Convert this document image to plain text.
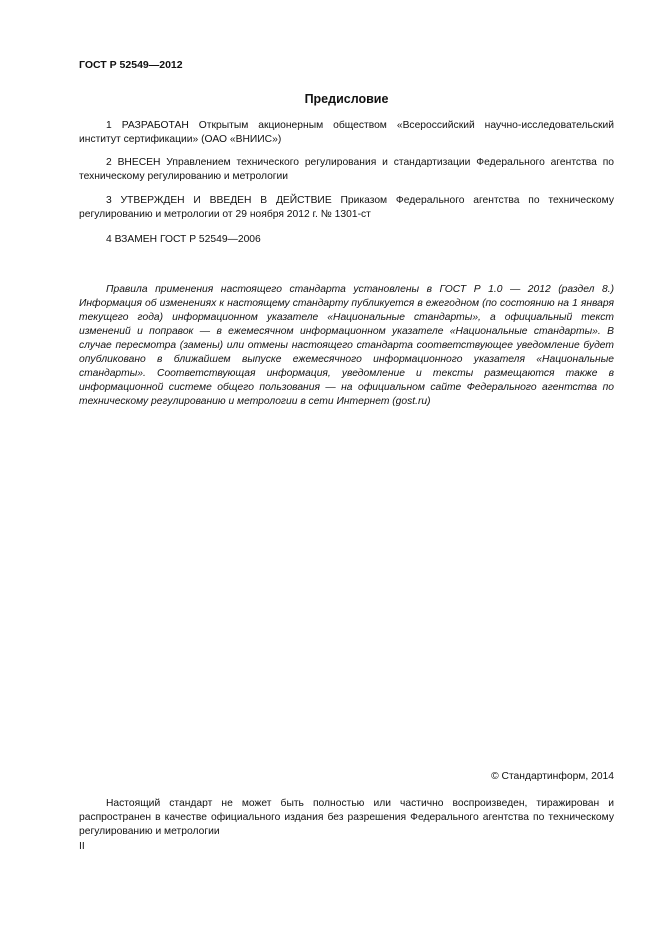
ГОСТ Р 52549—2012
Предисловие

1 РАЗРАБОТАН Открытым акционерным обществом «Всероссийский научно-исследовательский институт сертификации» (ОАО «ВНИИС»)

2 ВНЕСЕН Управлением технического регулирования и стандартизации Федерального агентства по техническому регулированию и метрологии

3 УТВЕРЖДЕН И ВВЕДЕН В ДЕЙСТВИЕ Приказом Федерального агентства по техническому регулированию и метрологии от 29 ноября 2012 г. № 1301-ст

4 ВЗАМЕН ГОСТ Р 52549—2006

Правила применения настоящего стандарта установлены в ГОСТ Р 1.0 — 2012 (раздел 8.) Информация об изменениях к настоящему стандарту публикуется в ежегодном (по состоянию на 1 января текущего года) информационном указателе «Национальные стандарты», а официальный текст изменений и поправок — в ежемесячном информационном указателе «Национальные стандарты». В случае пересмотра (замены) или отмены настоящего стандарта соответствующее уведомление будет опубликовано в ближайшем выпуске ежемесячного информационного указателя «Национальные стандарты». Соответствующая информация, уведомление и тексты размещаются также в информационной системе общего пользования — на официальном сайте Федерального агентства по техническому регулированию и метрологии в сети Интернет (gost.ru)

© Стандартинформ, 2014

Настоящий стандарт не может быть полностью или частично воспроизведен, тиражирован и распространен в качестве официального издания без разрешения Федерального агентства по техническому регулированию и метрологии

II
